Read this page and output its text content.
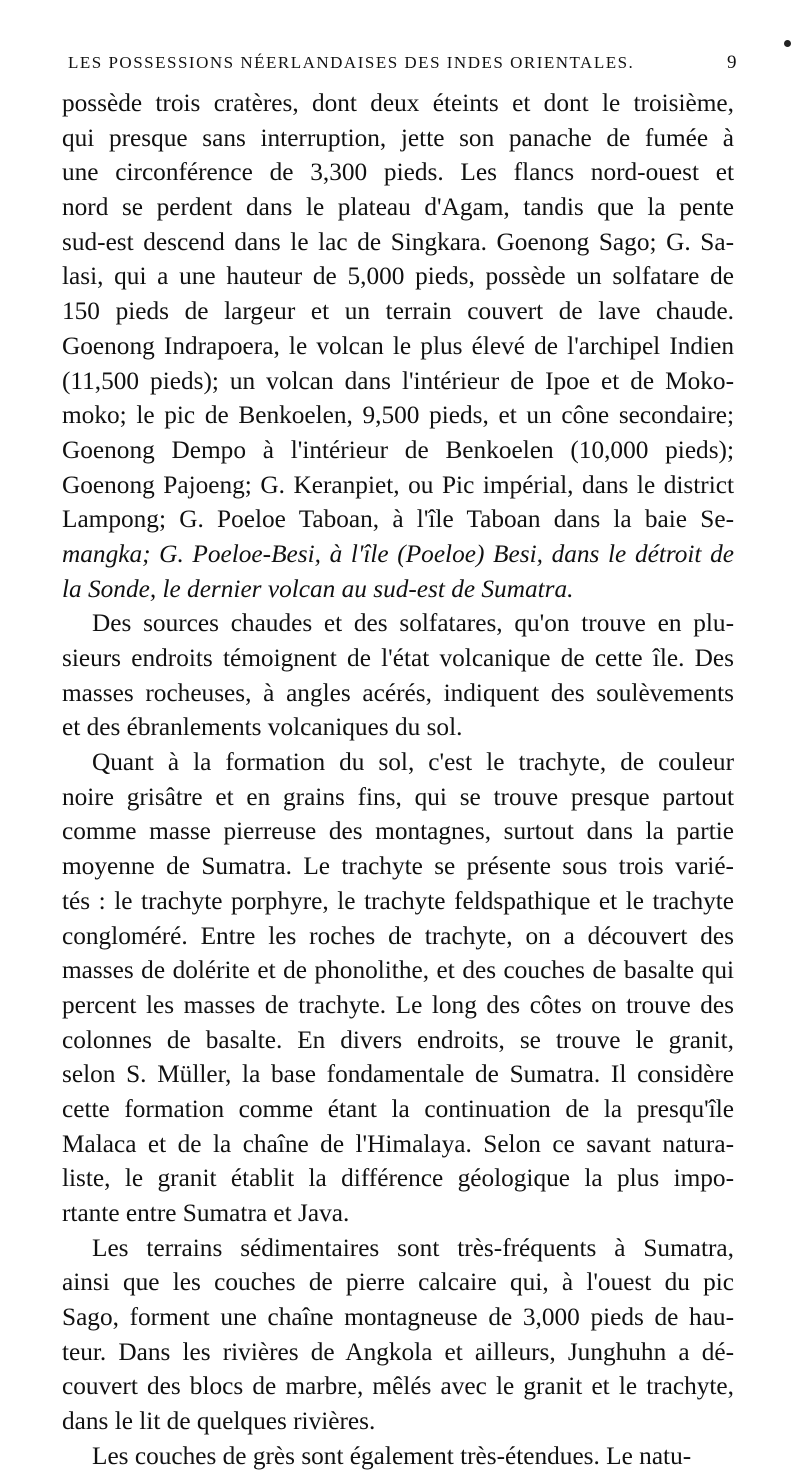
LES POSSESSIONS NÉERLANDAISES DES INDES ORIENTALES.	9
possède trois cratères, dont deux éteints et dont le troisième,
qui presque sans interruption, jette son panache de fumée à
une circonférence de 3,300 pieds. Les flancs nord-ouest et
nord se perdent dans le plateau d'Agam, tandis que la pente
sud-est descend dans le lac de Singkara. Goenong Sago; G. Sa-
lasi, qui a une hauteur de 5,000 pieds, possède un solfatare de
150 pieds de largeur et un terrain couvert de lave chaude.
Goenong Indrapoera, le volcan le plus élevé de l'archipel Indien
(11,500 pieds); un volcan dans l'intérieur de Ipoe et de Moko-
moko; le pic de Benkoelen, 9,500 pieds, et un cône secondaire;
Goenong Dempo à l'intérieur de Benkoelen (10,000 pieds);
Goenong Pajoeng; G. Keranpiet, ou Pic impérial, dans le district
Lampong; G. Poeloe Taboan, à l'île Taboan dans la baie Se-
mangka; G. Poeloe-Besi, à l'île (Poeloe) Besi, dans le détroit de
la Sonde, le dernier volcan au sud-est de Sumatra.
Des sources chaudes et des solfatares, qu'on trouve en plu-
sieurs endroits témoignent de l'état volcanique de cette île. Des
masses rocheuses, à angles acérés, indiquent des soulèvements
et des ébranlements volcaniques du sol.
Quant à la formation du sol, c'est le trachyte, de couleur
noire grisâtre et en grains fins, qui se trouve presque partout
comme masse pierreuse des montagnes, surtout dans la partie
moyenne de Sumatra. Le trachyte se présente sous trois varié-
tés : le trachyte porphyre, le trachyte feldspathique et le trachyte
congloméré. Entre les roches de trachyte, on a découvert des
masses de dolérite et de phonolithe, et des couches de basalte qui
percent les masses de trachyte. Le long des côtes on trouve des
colonnes de basalte. En divers endroits, se trouve le granit,
selon S. Müller, la base fondamentale de Sumatra. Il considère
cette formation comme étant la continuation de la presqu'île
Malaca et de la chaîne de l'Himalaya. Selon ce savant natura-
liste, le granit établit la différence géologique la plus impo-
rtante entre Sumatra et Java.
Les terrains sédimentaires sont très-fréquents à Sumatra,
ainsi que les couches de pierre calcaire qui, à l'ouest du pic
Sago, forment une chaîne montagneuse de 3,000 pieds de hau-
teur. Dans les rivières de Angkola et ailleurs, Junghuhn a dé-
couvert des blocs de marbre, mêlés avec le granit et le trachyte,
dans le lit de quelques rivières.
Les couches de grès sont également très-étendues. Le natu-
